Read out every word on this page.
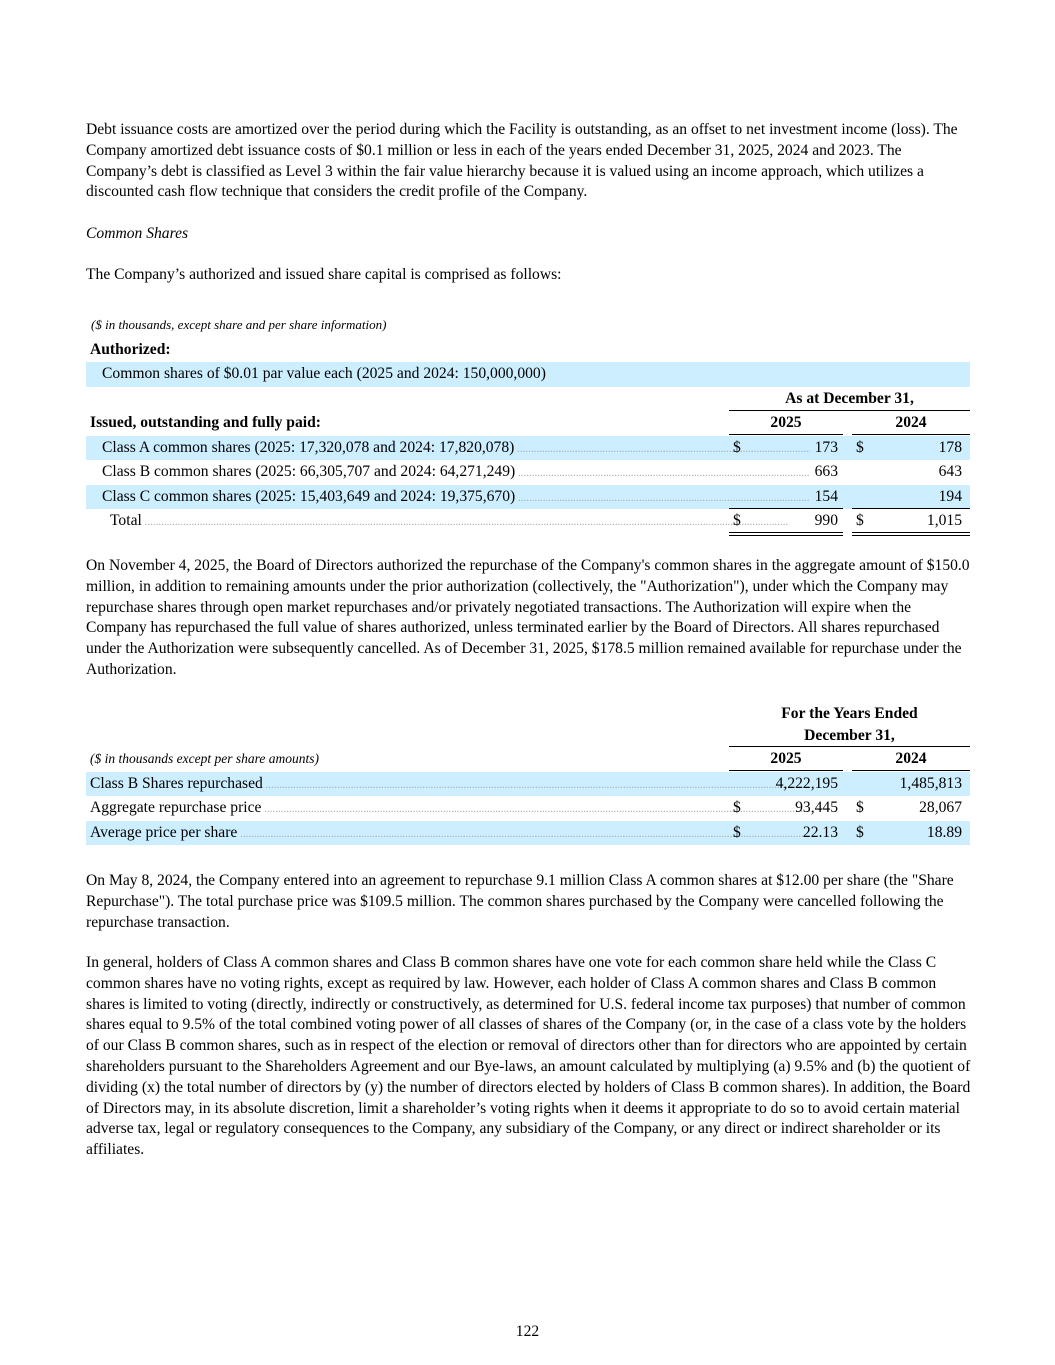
Debt issuance costs are amortized over the period during which the Facility is outstanding, as an offset to net investment income (loss). The Company amortized debt issuance costs of $0.1 million or less in each of the years ended December 31, 2025, 2024 and 2023. The Company’s debt is classified as Level 3 within the fair value hierarchy because it is valued using an income approach, which utilizes a discounted cash flow technique that considers the credit profile of the Company.

Common Shares

The Company’s authorized and issued share capital is comprised as follows:

($ in thousands, except share and per share information)
Authorized:
Common shares of $0.01 par value each (2025 and 2024: 150,000,000)
As at December 31,
Issued, outstanding and fully paid:	2025	2024
Class A common shares (2025: 17,320,078 and 2024: 17,820,078) .....	$	173 $	178
Class B common shares (2025: 66,305,707 and 2024: 64,271,249) .....	663	643
Class C common shares (2025: 15,403,649 and 2024: 19,375,670) .....	154	194
Total .....	$	990 $	1,015

On November 4, 2025, the Board of Directors authorized the repurchase of the Company's common shares in the aggregate amount of $150.0 million, in addition to remaining amounts under the prior authorization (collectively, the "Authorization"), under which the Company may repurchase shares through open market repurchases and/or privately negotiated transactions. The Authorization will expire when the Company has repurchased the full value of shares authorized, unless terminated earlier by the Board of Directors. All shares repurchased under the Authorization were subsequently cancelled. As of December 31, 2025, $178.5 million remained available for repurchase under the Authorization.

For the Years Ended
December 31,
($ in thousands except per share amounts)	2025	2024
Class B Shares repurchased .....	4,222,195	1,485,813
Aggregate repurchase price .....	$	93,445 $	28,067
Average price per share .....	$	22.13 $	18.89

On May 8, 2024, the Company entered into an agreement to repurchase 9.1 million Class A common shares at $12.00 per share (the "Share Repurchase"). The total purchase price was $109.5 million. The common shares purchased by the Company were cancelled following the repurchase transaction.

In general, holders of Class A common shares and Class B common shares have one vote for each common share held while the Class C common shares have no voting rights, except as required by law. However, each holder of Class A common shares and Class B common shares is limited to voting (directly, indirectly or constructively, as determined for U.S. federal income tax purposes) that number of common shares equal to 9.5% of the total combined voting power of all classes of shares of the Company (or, in the case of a class vote by the holders of our Class B common shares, such as in respect of the election or removal of directors other than for directors who are appointed by certain shareholders pursuant to the Shareholders Agreement and our Bye-laws, an amount calculated by multiplying (a) 9.5% and (b) the quotient of dividing (x) the total number of directors by (y) the number of directors elected by holders of Class B common shares). In addition, the Board of Directors may, in its absolute discretion, limit a shareholder’s voting rights when it deems it appropriate to do so to avoid certain material adverse tax, legal or regulatory consequences to the Company, any subsidiary of the Company, or any direct or indirect shareholder or its affiliates.

122
